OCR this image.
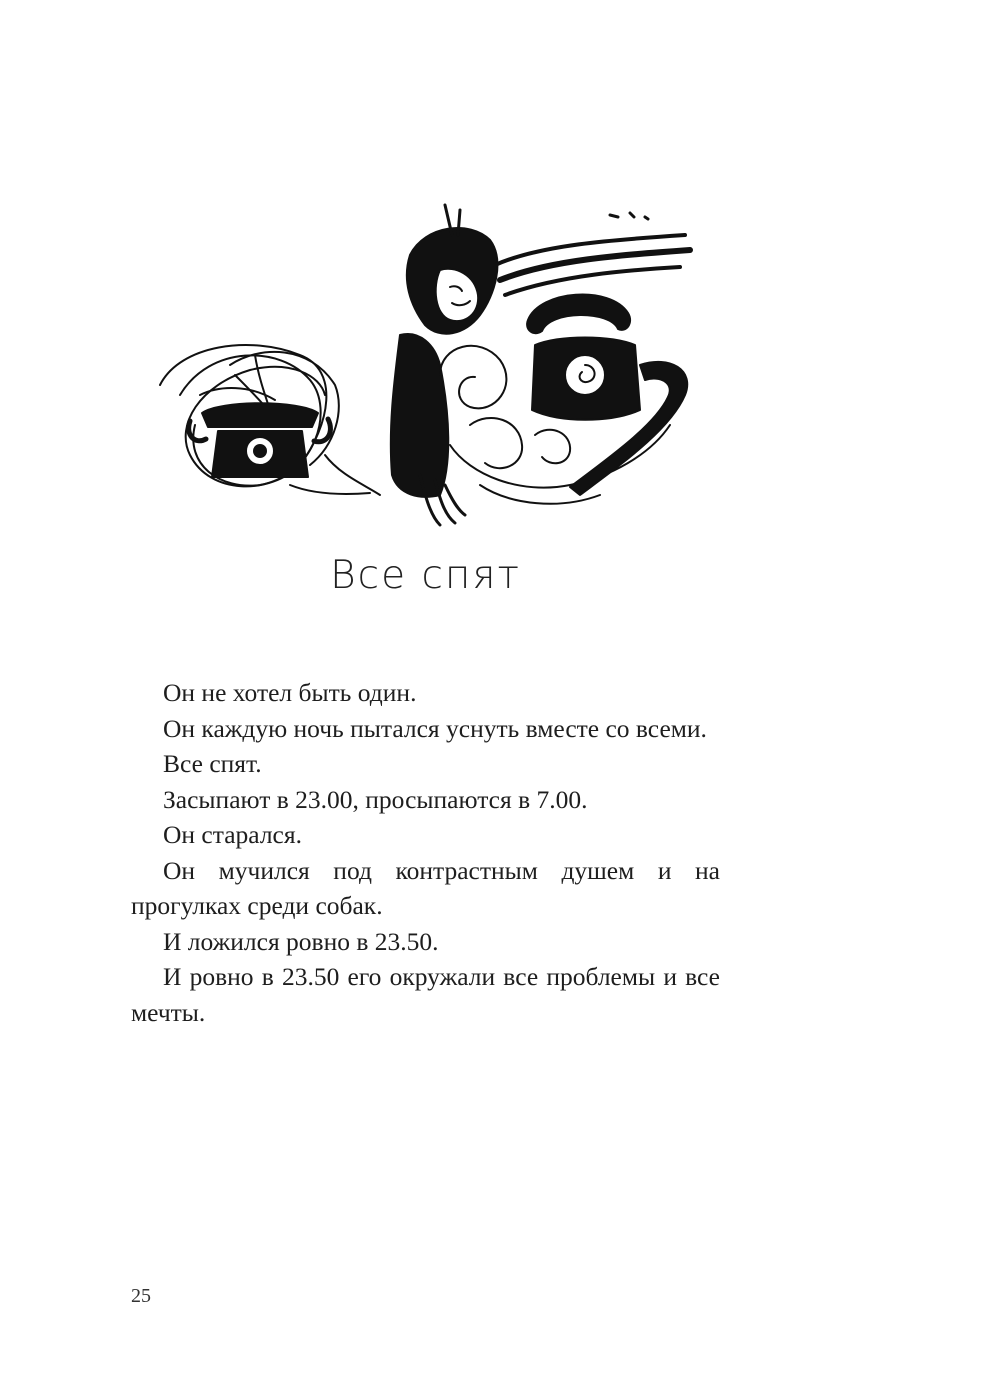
Все спят

Он не хотел быть один.

Он каждую ночь пытался уснуть вместе со всеми.

Все спят.

Засыпают в 23.00, просыпаются в 7.00.

Он старался.

Он мучился под контрастным душем и на прогулках среди собак.

И ложился ровно в 23.50.

И ровно в 23.50 его окружали все проблемы и все мечты.

25
